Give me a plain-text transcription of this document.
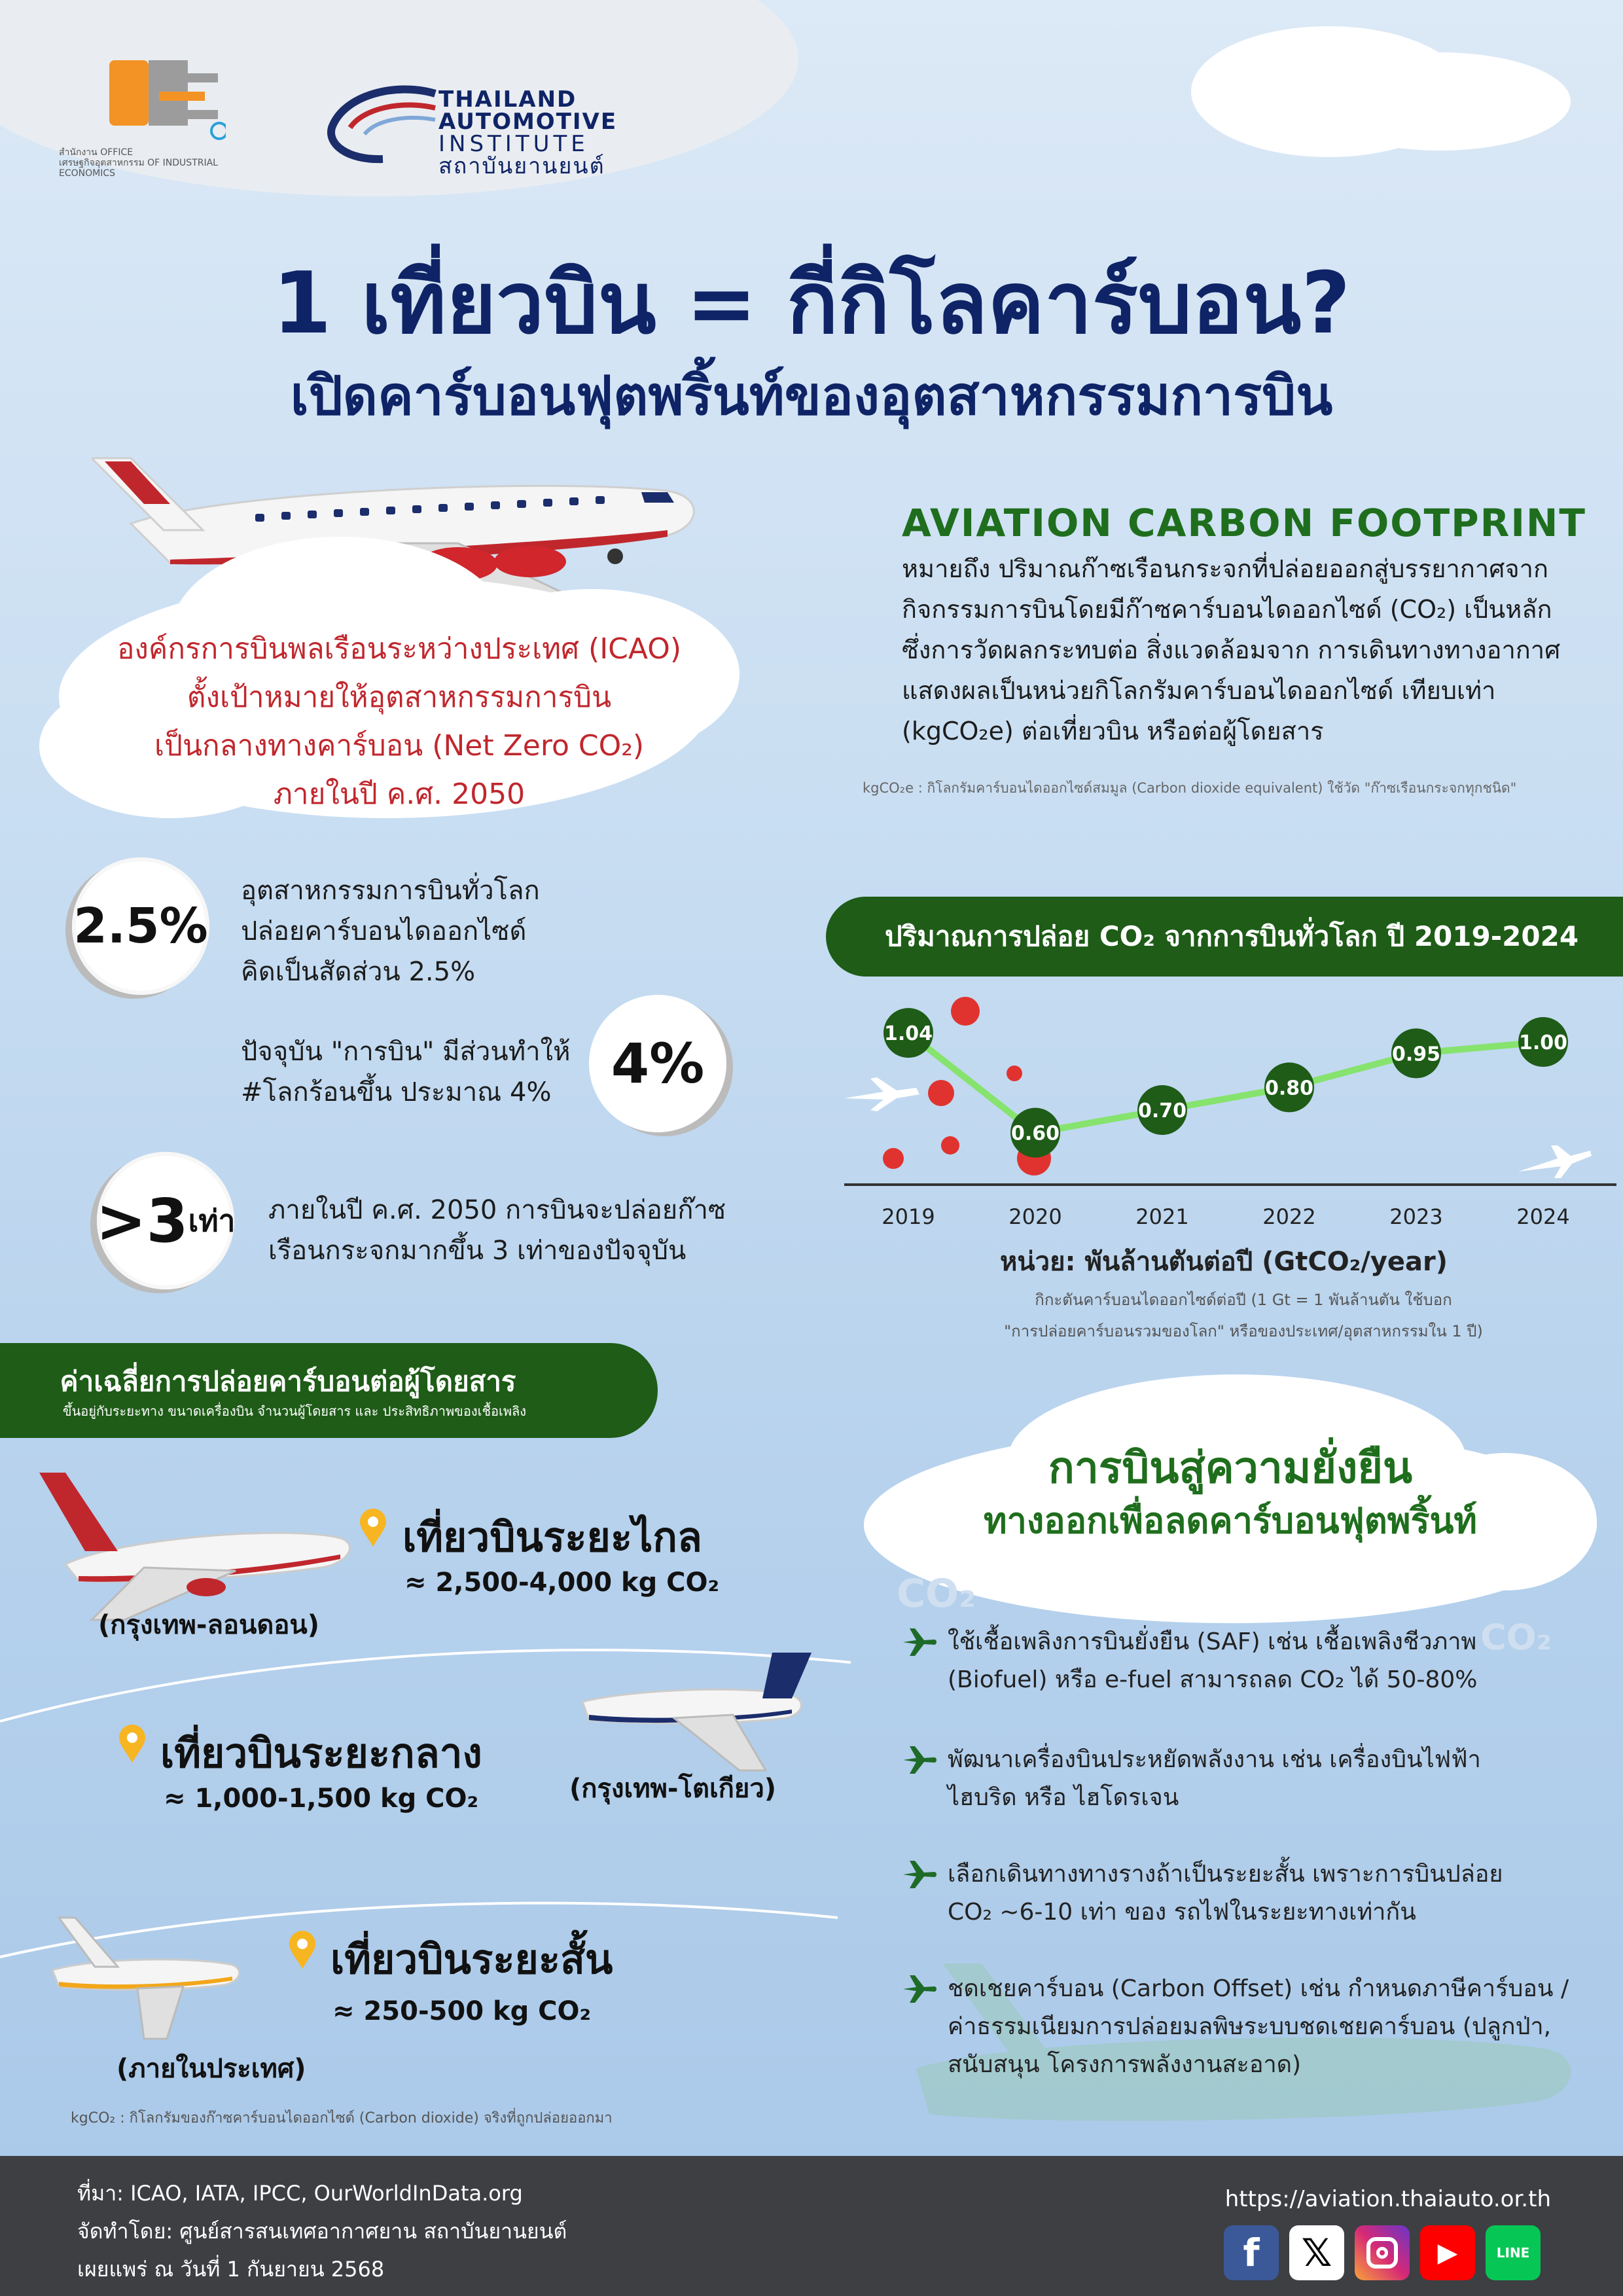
สำนักงาน OFFICE
เศรษฐกิจอุตสาหกรรม OF INDUSTRIAL ECONOMICS
THAILAND
AUTOMOTIVE
INSTITUTE
สถาบันยานยนต์
1 เที่ยวบิน = กี่กิโลคาร์บอน?
เปิดคาร์บอนฟุตพริ้นท์ของอุตสาหกรรมการบิน
องค์กรการบินพลเรือนระหว่างประเทศ (ICAO)
ตั้งเป้าหมายให้อุตสาหกรรมการบิน
เป็นกลางทางคาร์บอน (Net Zero CO₂)
ภายในปี ค.ศ. 2050
AVIATION CARBON FOOTPRINT
หมายถึง ปริมาณก๊าซเรือนกระจกที่ปล่อยออกสู่บรรยากาศจาก
กิจกรรมการบินโดยมีก๊าซคาร์บอนไดออกไซด์ (CO₂) เป็นหลัก
ซึ่งการวัดผลกระทบต่อ สิ่งแวดล้อมจาก การเดินทางทางอากาศ
แสดงผลเป็นหน่วยกิโลกรัมคาร์บอนไดออกไซด์ เทียบเท่า
(kgCO₂e) ต่อเที่ยวบิน หรือต่อผู้โดยสาร
kgCO₂e : กิโลกรัมคาร์บอนไดออกไซด์สมมูล (Carbon dioxide equivalent) ใช้วัด "ก๊าซเรือนกระจกทุกชนิด"
2.5%
อุตสาหกรรมการบินทั่วโลก
ปล่อยคาร์บอนไดออกไซด์
คิดเป็นสัดส่วน 2.5%
4%
ปัจจุบัน "การบิน" มีส่วนทำให้
#โลกร้อนขึ้น ประมาณ 4%
>3 เท่า ภายในปี ค.ศ. 2050 การบินจะปล่อยก๊าซ
เรือนกระจกมากขึ้น 3 เท่าของปัจจุบัน
ปริมาณการปล่อย CO₂ จากการบินทั่วโลก ปี 2019-2024
1.04
2019
0.60
2020
0.70
2021
0.80
2022
0.95
2023
1.00
2024
หน่วย: พันล้านตันต่อปี (GtCO₂/year)
กิกะตันคาร์บอนไดออกไซด์ต่อปี (1 Gt = 1 พันล้านตัน ใช้บอก
"การปล่อยคาร์บอนรวมของโลก" หรือของประเทศ/อุตสาหกรรมใน 1 ปี)
ค่าเฉลี่ยการปล่อยคาร์บอนต่อผู้โดยสาร
ขึ้นอยู่กับระยะทาง ขนาดเครื่องบิน จำนวนผู้โดยสาร และ ประสิทธิภาพของเชื้อเพลิง
เที่ยวบินระยะไกล
≈ 2,500-4,000 kg CO₂
(กรุงเทพ-ลอนดอน)
เที่ยวบินระยะกลาง
≈ 1,000-1,500 kg CO₂	(กรุงเทพ-โตเกียว)
เที่ยวบินระยะสั้น
≈ 250-500 kg CO₂
(ภายในประเทศ)
kgCO₂ : กิโลกรัมของก๊าซคาร์บอนไดออกไซด์ (Carbon dioxide) จริงที่ถูกปล่อยออกมา
การบินสู่ความยั่งยืน
ทางออกเพื่อลดคาร์บอนฟุตพริ้นท์
CO₂
CO₂
ใช้เชื้อเพลิงการบินยั่งยืน (SAF) เช่น เชื้อเพลิงชีวภาพ
(Biofuel) หรือ e-fuel สามารถลด CO₂ ได้ 50-80%
พัฒนาเครื่องบินประหยัดพลังงาน เช่น เครื่องบินไฟฟ้า
ไฮบริด หรือ ไฮโดรเจน
เลือกเดินทางทางรางถ้าเป็นระยะสั้น เพราะการบินปล่อย
CO₂ ~6-10 เท่า ของ รถไฟในระยะทางเท่ากัน
ชดเชยคาร์บอน (Carbon Offset) เช่น กำหนดภาษีคาร์บอน /
ค่าธรรมเนียมการปล่อยมลพิษระบบชดเชยคาร์บอน (ปลูกป่า,
สนับสนุน โครงการพลังงานสะอาด)
ที่มา: ICAO, IATA, IPCC, OurWorldInData.org
จัดทำโดย: ศูนย์สารสนเทศอากาศยาน สถาบันยานยนต์
เผยแพร่ ณ วันที่ 1 กันยายน 2568
https://aviation.thaiauto.or.th
f	𝕏	▶	LINE
